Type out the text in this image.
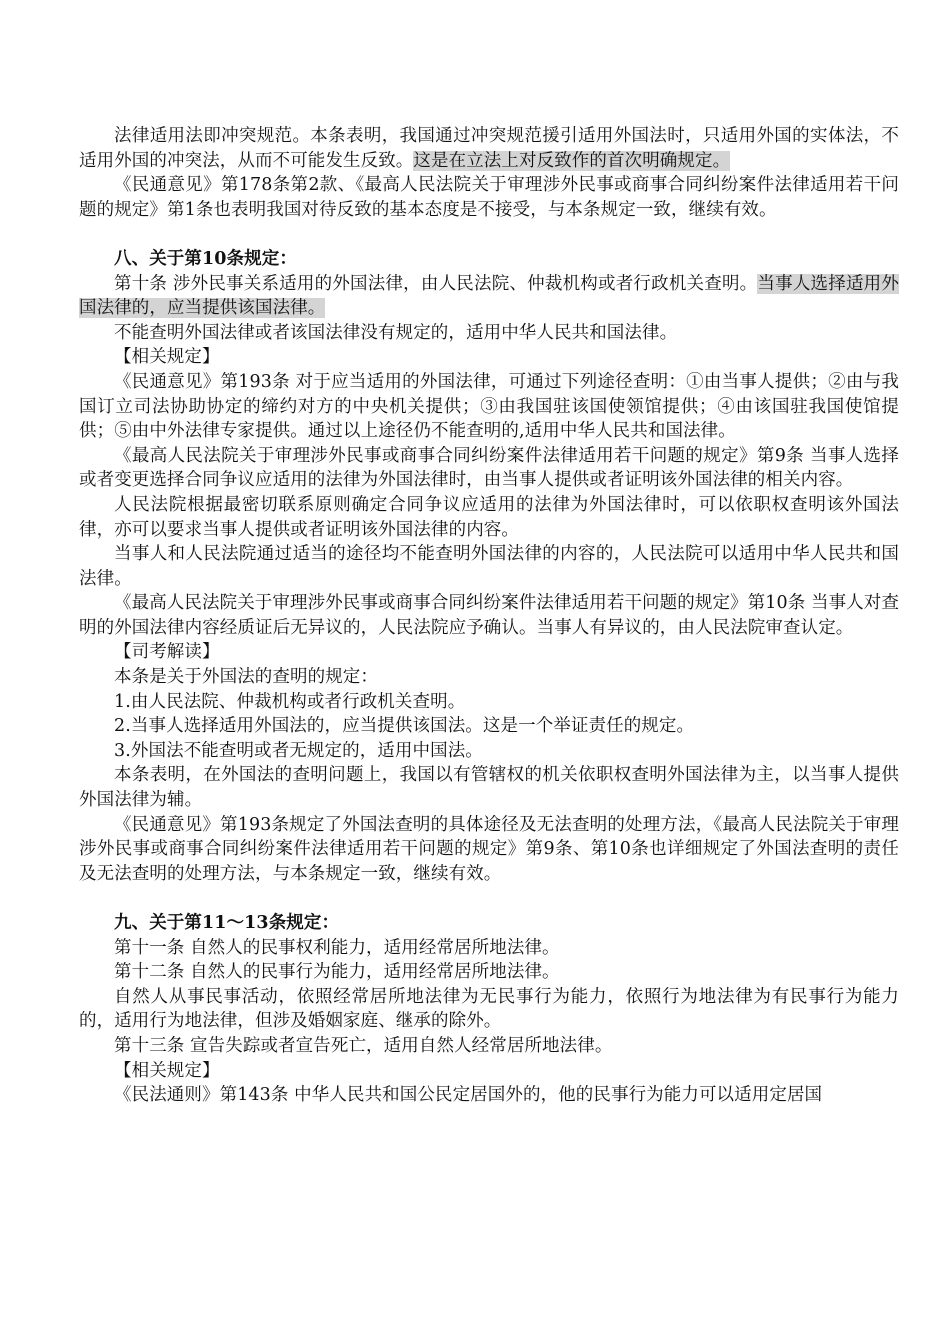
法律适用法即冲突规范。本条表明，我国通过冲突规范援引适用外国法时，只适用外国的实体法，不适用外国的冲突法，从而不可能发生反致。这是在立法上对反致作的首次明确规定。

《民通意见》第178条第2款、《最高人民法院关于审理涉外民事或商事合同纠纷案件法律适用若干问题的规定》第1条也表明我国对待反致的基本态度是不接受，与本条规定一致，继续有效。

八、关于第10条规定：

第十条 涉外民事关系适用的外国法律，由人民法院、仲裁机构或者行政机关查明。当事人选择适用外国法律的，应当提供该国法律。

不能查明外国法律或者该国法律没有规定的，适用中华人民共和国法律。

【相关规定】

《民通意见》第193条 对于应当适用的外国法律，可通过下列途径查明：①由当事人提供；②由与我国订立司法协助协定的缔约对方的中央机关提供；③由我国驻该国使领馆提供；④由该国驻我国使馆提供；⑤由中外法律专家提供。通过以上途径仍不能查明的,适用中华人民共和国法律。

《最高人民法院关于审理涉外民事或商事合同纠纷案件法律适用若干问题的规定》第9条 当事人选择或者变更选择合同争议应适用的法律为外国法律时，由当事人提供或者证明该外国法律的相关内容。

人民法院根据最密切联系原则确定合同争议应适用的法律为外国法律时，可以依职权查明该外国法律，亦可以要求当事人提供或者证明该外国法律的内容。

当事人和人民法院通过适当的途径均不能查明外国法律的内容的，人民法院可以适用中华人民共和国法律。

《最高人民法院关于审理涉外民事或商事合同纠纷案件法律适用若干问题的规定》第10条 当事人对查明的外国法律内容经质证后无异议的，人民法院应予确认。当事人有异议的，由人民法院审查认定。

【司考解读】

本条是关于外国法的查明的规定：

1.由人民法院、仲裁机构或者行政机关查明。

2.当事人选择适用外国法的，应当提供该国法。这是一个举证责任的规定。

3.外国法不能查明或者无规定的，适用中国法。

本条表明，在外国法的查明问题上，我国以有管辖权的机关依职权查明外国法律为主，以当事人提供外国法律为辅。

《民通意见》第193条规定了外国法查明的具体途径及无法查明的处理方法，《最高人民法院关于审理涉外民事或商事合同纠纷案件法律适用若干问题的规定》第9条、第10条也详细规定了外国法查明的责任及无法查明的处理方法，与本条规定一致，继续有效。

九、关于第11～13条规定：

第十一条 自然人的民事权利能力，适用经常居所地法律。

第十二条 自然人的民事行为能力，适用经常居所地法律。

自然人从事民事活动，依照经常居所地法律为无民事行为能力，依照行为地法律为有民事行为能力的，适用行为地法律，但涉及婚姻家庭、继承的除外。

第十三条 宣告失踪或者宣告死亡，适用自然人经常居所地法律。

【相关规定】

《民法通则》第143条 中华人民共和国公民定居国外的，他的民事行为能力可以适用定居国
